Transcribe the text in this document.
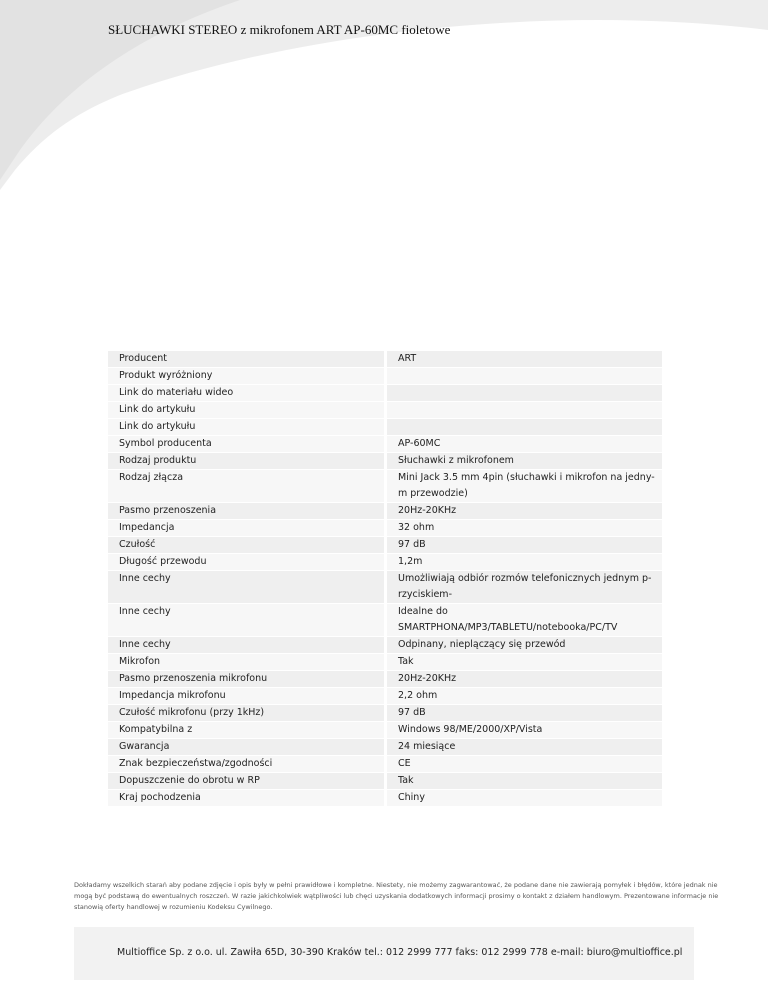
SŁUCHAWKI STEREO z mikrofonem ART AP-60MC fioletowe
Producent		ART
Produkt wyróżniony		
Link do materiału wideo		
Link do artykułu		
Link do artykułu		
Symbol producenta		AP-60MC
Rodzaj produktu		Słuchawki z mikrofonem
Rodzaj złącza		Mini Jack 3.5 mm 4pin (słuchawki i mikrofon na jedny- m przewodzie)
Pasmo przenoszenia		20Hz-20KHz
Impedancja		32 ohm
Czułość		97 dB
Długość przewodu		1,2m
Inne cechy		Umożliwiają odbiór rozmów telefonicznych jednym p- rzyciskiem-
Inne cechy		Idealne do SMARTPHONA/MP3/TABLETU/notebooka/PC/TV
Inne cechy		Odpinany, nieplączący się przewód
Mikrofon		Tak
Pasmo przenoszenia mikrofonu		20Hz-20KHz
Impedancja mikrofonu		2,2 ohm
Czułość mikrofonu (przy 1kHz)		97 dB
Kompatybilna z		Windows 98/ME/2000/XP/Vista
Gwarancja		24 miesiące
Znak bezpieczeństwa/zgodności		CE
Dopuszczenie do obrotu w RP		Tak
Kraj pochodzenia		Chiny
Dokładamy wszelkich starań aby podane zdjęcie i opis były w pełni prawidłowe i kompletne. Niestety, nie możemy zagwarantować, że podane dane nie zawierają pomyłek i błędów, które jednak nie mogą być podstawą do ewentualnych roszczeń. W razie jakichkolwiek wątpliwości lub chęci uzyskania dodatkowych informacji prosimy o kontakt z działem handlowym. Prezentowane informacje nie stanowią oferty handlowej w rozumieniu Kodeksu Cywilnego.
Multioffice Sp. z o.o. ul. Zawiła 65D, 30-390 Kraków tel.: 012 2999 777 faks: 012 2999 778 e-mail: biuro@multioffice.pl
